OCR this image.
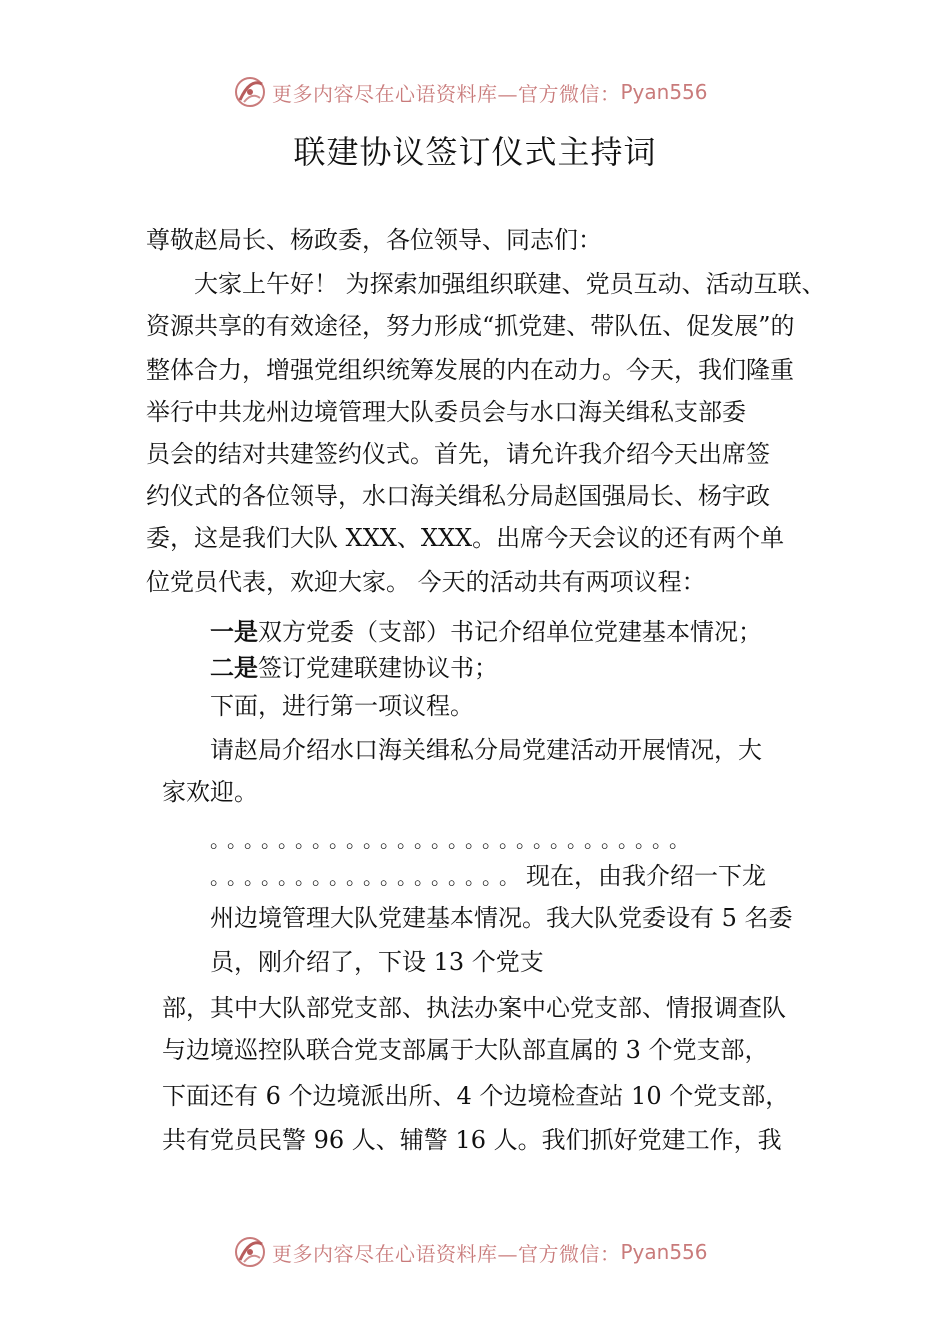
更多内容尽在心语资料库—官方微信： Pyan556
联建协议签订仪式主持词
尊敬赵局长、杨政委，各位领导、同志们：
大家上午好！ 为探索加强组织联建、党员互动、活动互联、
资源共享的有效途径，努力形成“抓党建、带队伍、促发展”的
整体合力，增强党组织统筹发展的内在动力。今天，我们隆重
举行中共龙州边境管理大队委员会与水口海关缉私支部委
员会的结对共建签约仪式。首先，请允许我介绍今天出席签
约仪式的各位领导，水口海关缉私分局赵国强局长、杨宇政
委，这是我们大队 XXX、XXX。出席今天会议的还有两个单
位党员代表，欢迎大家。 今天的活动共有两项议程：
一是双方党委（支部）书记介绍单位党建基本情况；
二是签订党建联建协议书；
下面，进行第一项议程。
请赵局介绍水口海关缉私分局党建活动开展情况，大
家欢迎。
。。。。。。。。。。。。。。。。。。。。。。。。。。。。
。。。。。。。。。。。。。。。。。。现在，由我介绍一下龙
州边境管理大队党建基本情况。我大队党委设有 5 名委
员，刚介绍了，下设 13 个党支
部，其中大队部党支部、执法办案中心党支部、情报调查队
与边境巡控队联合党支部属于大队部直属的 3 个党支部，
下面还有 6 个边境派出所、4 个边境检查站 10 个党支部，
共有党员民警 96 人、辅警 16 人。我们抓好党建工作，我
更多内容尽在心语资料库—官方微信： Pyan556
